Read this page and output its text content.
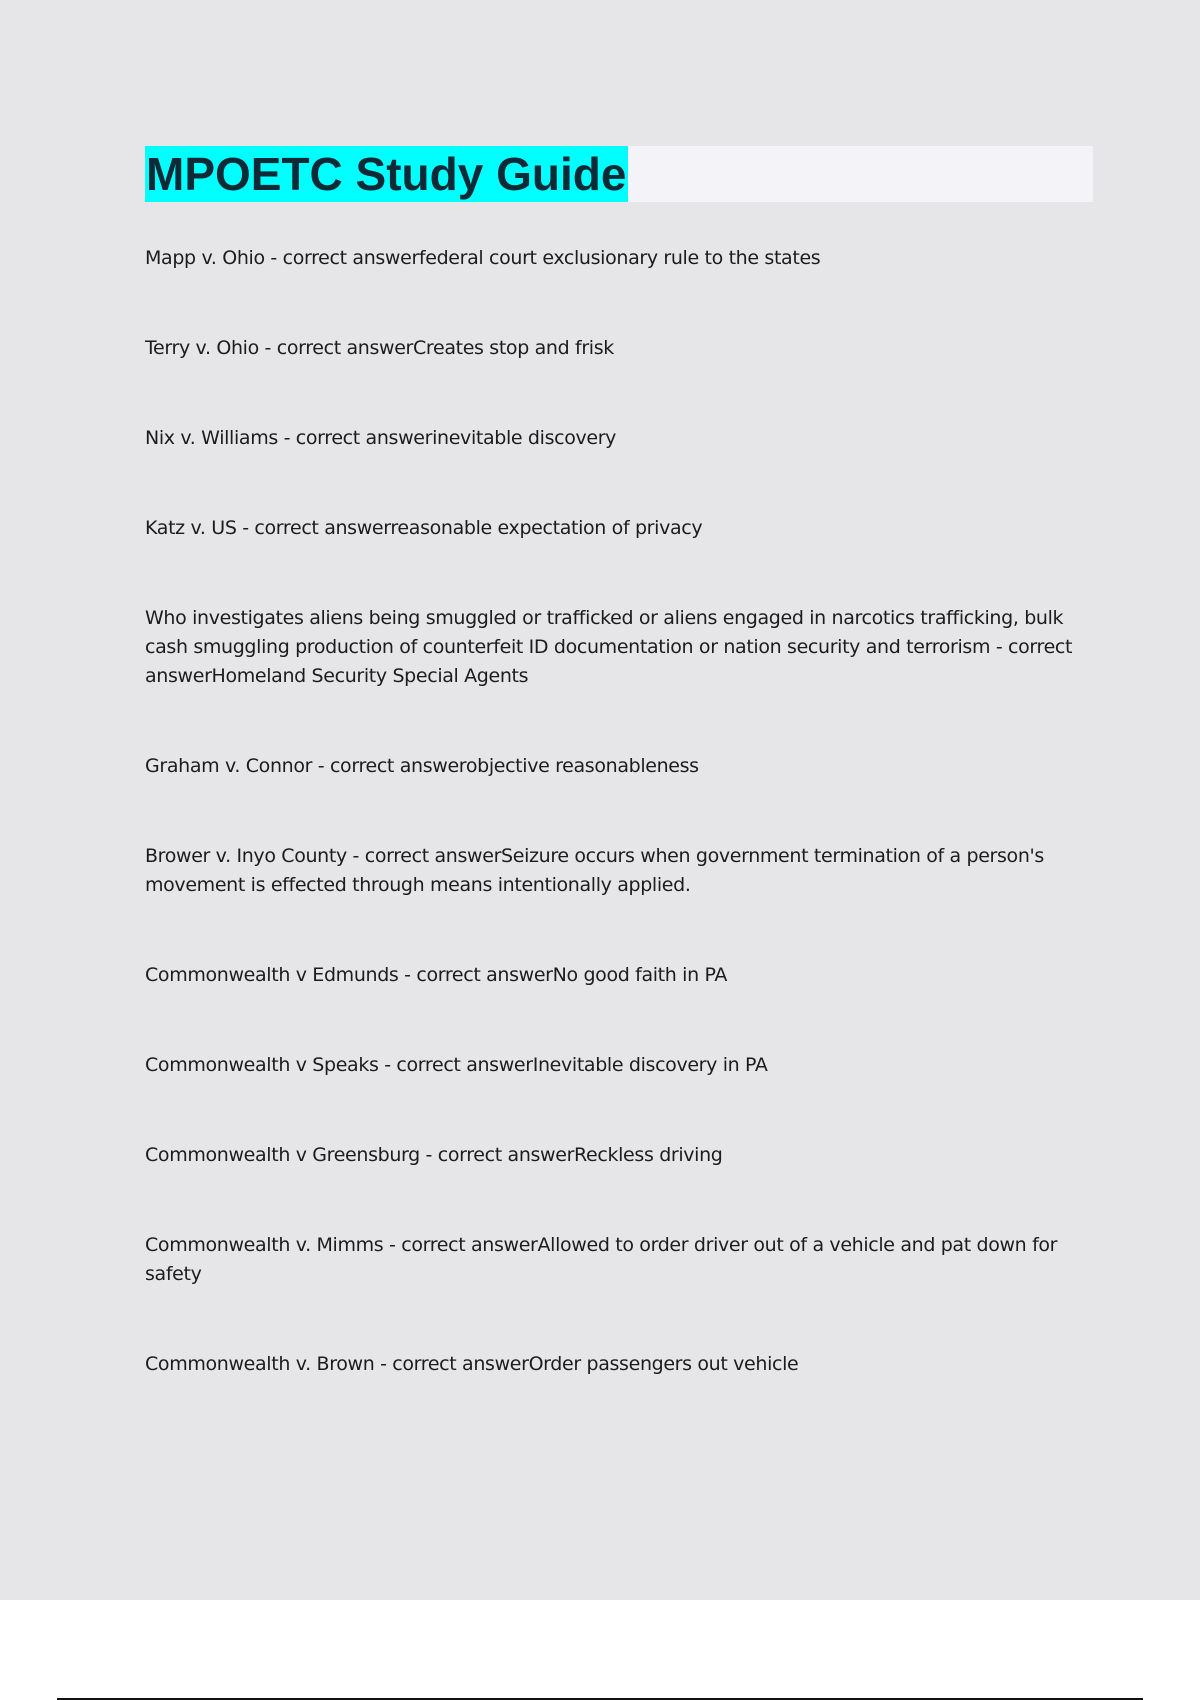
MPOETC Study Guide

Mapp v. Ohio - correct answerfederal court exclusionary rule to the states

Terry v. Ohio - correct answerCreates stop and frisk

Nix v. Williams - correct answerinevitable discovery

Katz v. US - correct answerreasonable expectation of privacy

Who investigates aliens being smuggled or trafficked or aliens engaged in narcotics trafficking, bulk cash smuggling production of counterfeit ID documentation or nation security and terrorism - correct answerHomeland Security Special Agents

Graham v. Connor - correct answerobjective reasonableness

Brower v. Inyo County - correct answerSeizure occurs when government termination of a person's movement is effected through means intentionally applied.

Commonwealth v Edmunds - correct answerNo good faith in PA

Commonwealth v Speaks - correct answerInevitable discovery in PA

Commonwealth v Greensburg - correct answerReckless driving

Commonwealth v. Mimms - correct answerAllowed to order driver out of a vehicle and pat down for safety

Commonwealth v. Brown - correct answerOrder passengers out vehicle
